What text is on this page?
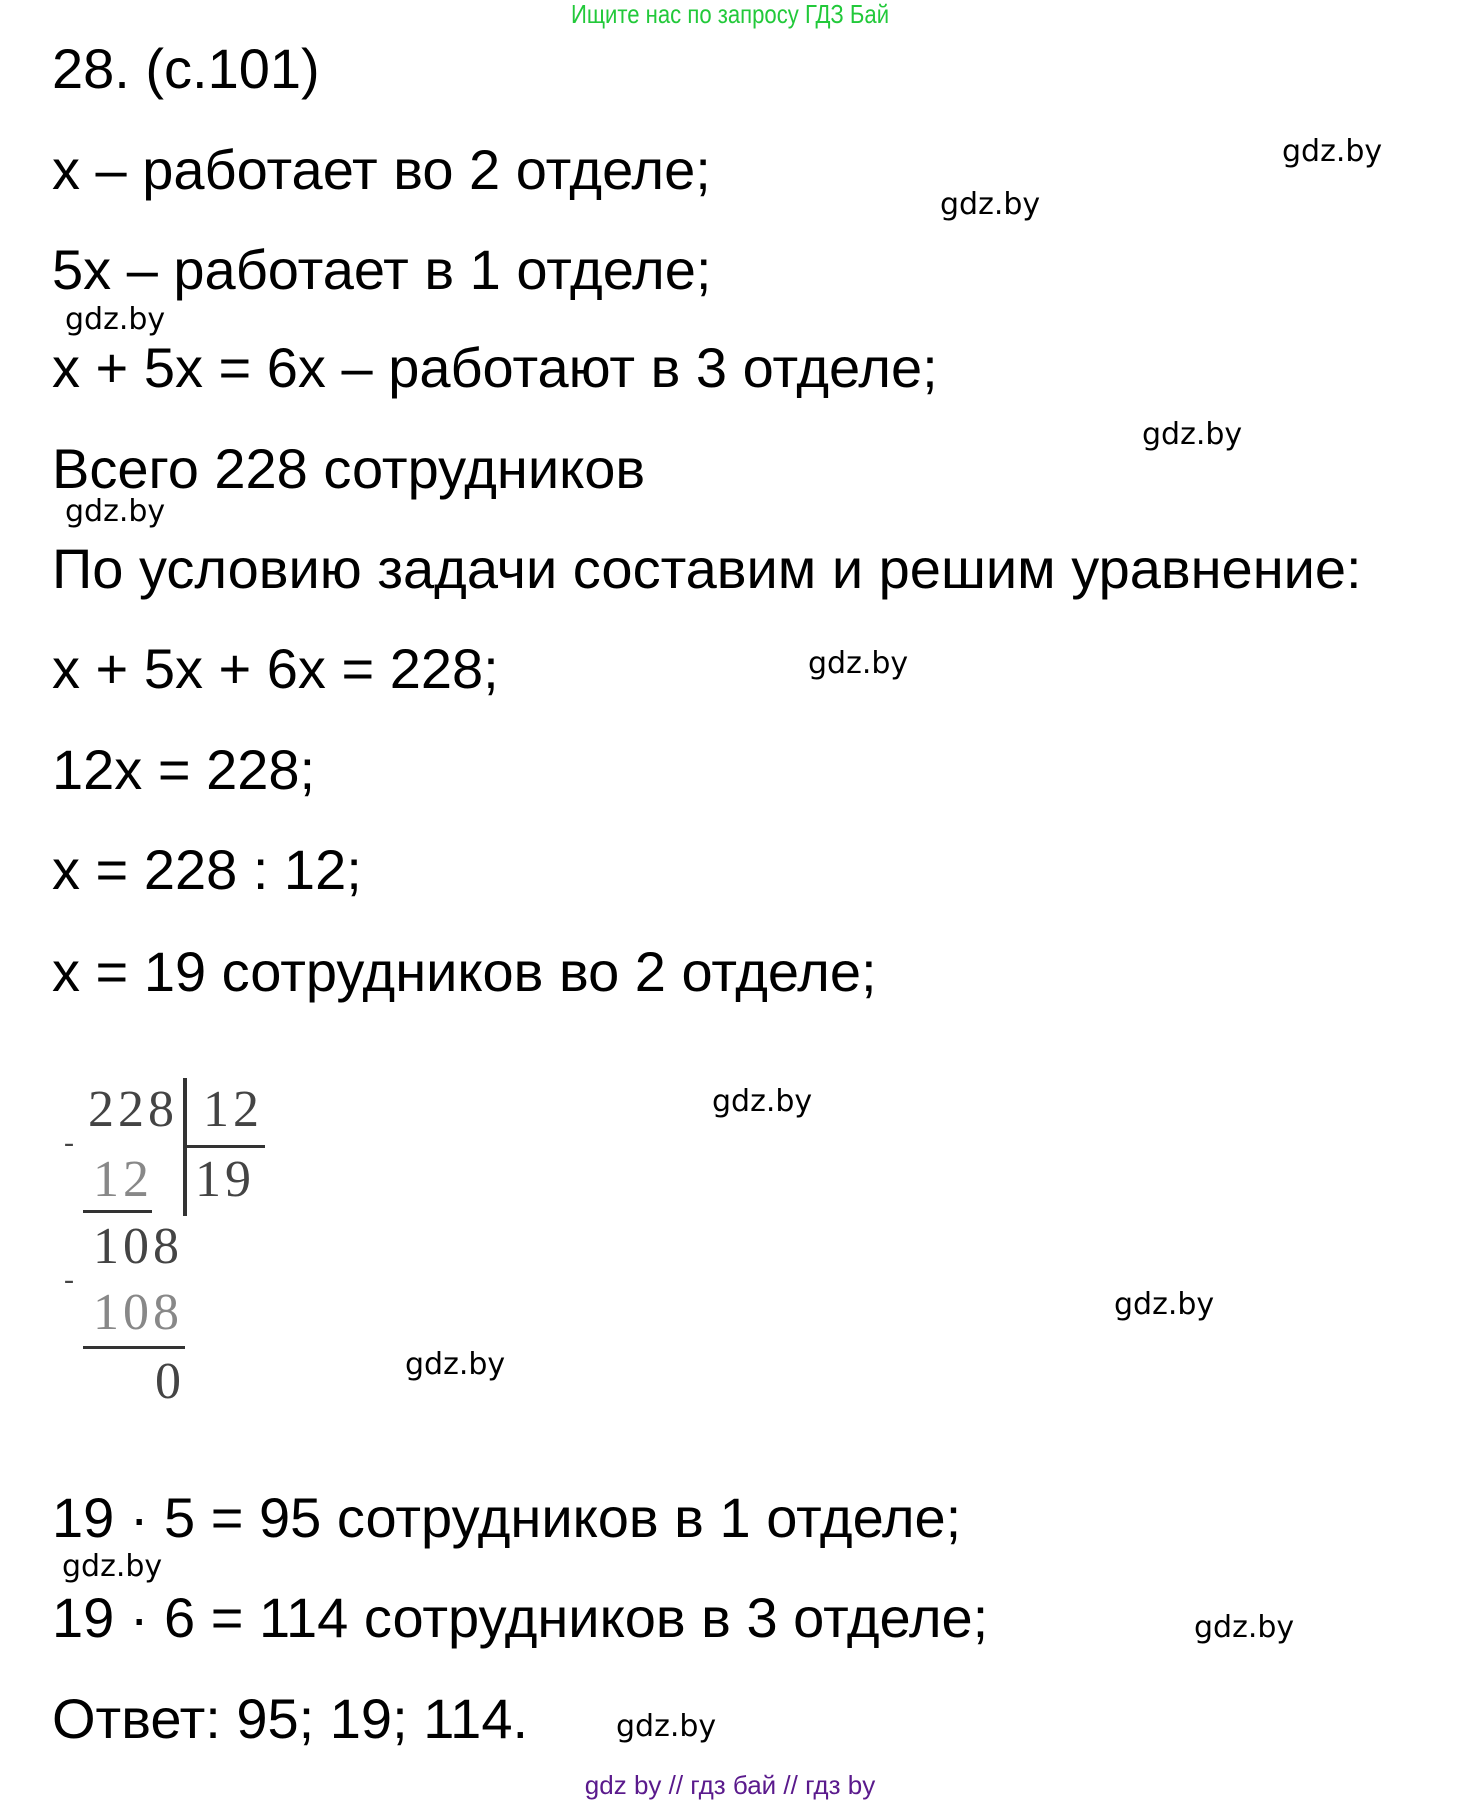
Ищите нас по запросу ГДЗ Бай
28. (с.101)
x – работает во 2 отделе;
5x – работает в 1 отделе;
x + 5x = 6x – работают в 3 отделе;
Всего 228 сотрудников
По условию задачи составим и решим уравнение:
x + 5x + 6x = 228;
12x = 228;
x = 228 : 12;
x = 19 сотрудников во 2 отделе;
228 12
19
-
12
108
-
108
0
19 · 5 = 95 сотрудников в 1 отделе;
19 · 6 = 114 сотрудников в 3 отделе;
Ответ: 95; 19; 114.
gdz.by
gdz.by
gdz.by
gdz.by
gdz.by
gdz.by
gdz.by
gdz.by
gdz.by
gdz.by
gdz.by
gdz.by
gdz by // гдз бай // гдз by
